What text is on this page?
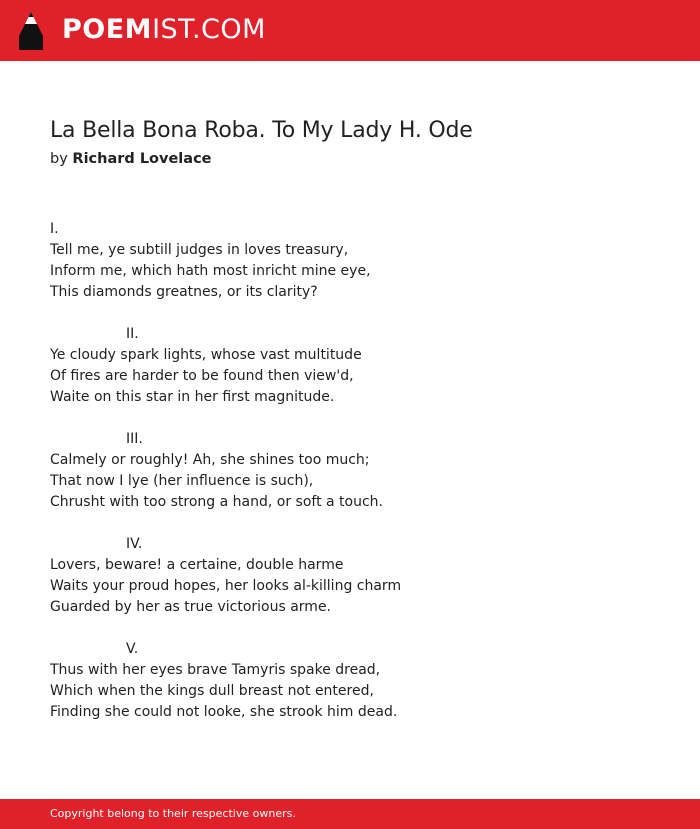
POEMIST.COM
La Bella Bona Roba. To My Lady H. Ode
by Richard Lovelace
I.
Tell me, ye subtill judges in loves treasury,
Inform me, which hath most inricht mine eye,
This diamonds greatnes, or its clarity?
II.
Ye cloudy spark lights, whose vast multitude
Of fires are harder to be found then view'd,
Waite on this star in her first magnitude.
III.
Calmely or roughly! Ah, she shines too much;
That now I lye (her influence is such),
Chrusht with too strong a hand, or soft a touch.
IV.
Lovers, beware! a certaine, double harme
Waits your proud hopes, her looks al-killing charm
Guarded by her as true victorious arme.
V.
Thus with her eyes brave Tamyris spake dread,
Which when the kings dull breast not entered,
Finding she could not looke, she strook him dead.
Copyright belong to their respective owners.
